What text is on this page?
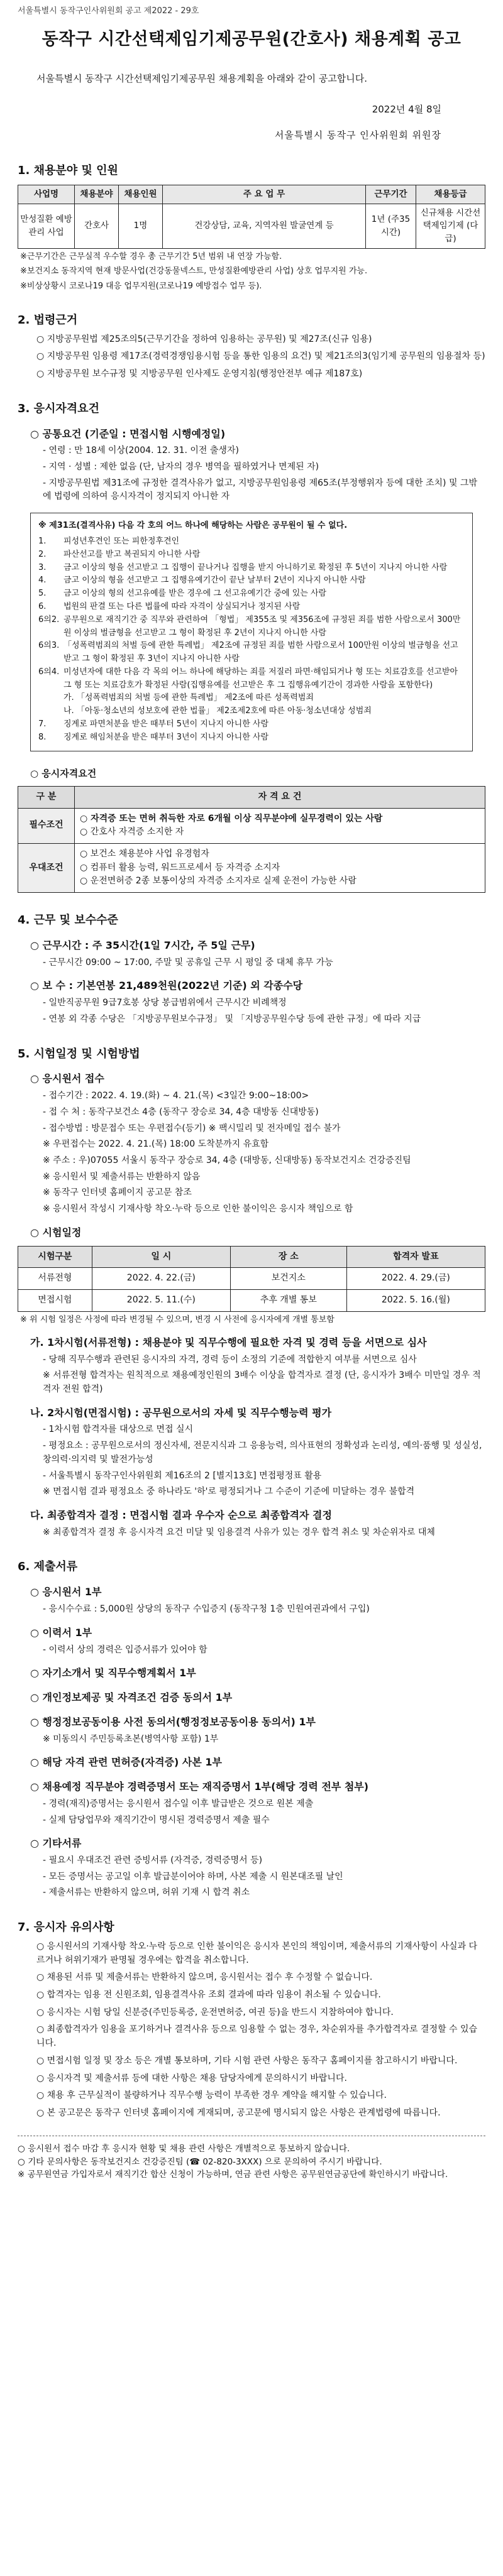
서울특별시 동작구인사위원회 공고 제2022 - 29호
동작구 시간선택제임기제공무원(간호사) 채용계획 공고
서울특별시 동작구 시간선택제임기제공무원 채용계획을 아래와 같이 공고합니다.
2022년 4월 8일
서울특별시 동작구 인사위원회 위원장
1. 채용분야 및 인원
사업명	채용분야	채용인원	주 요 업 무	근무기간	채용등급
만성질환 예방관리 사업	간호사	1명	건강상담, 교육, 지역자원 발굴연계 등	1년 (주35시간)	신규채용 시간선택제임기제 (다급)
※근무기간은 근무실적 우수할 경우 총 근무기간 5년 범위 내 연장 가능함.
※보건지소 동작지역 현재 방문사업(건강동물넥스트, 만성질환예방관리 사업) 상호 업무지원 가능.
※비상상황시 코로나19 대응 업무지원(코로나19 예방접수 업무 등).
2. 법령근거
○ 지방공무원법 제25조의5(근무기간을 정하여 임용하는 공무원) 및 제27조(신규 임용)
○ 지방공무원 임용령 제17조(경력경쟁임용시험 등을 통한 임용의 요건) 및 제21조의3(임기제 공무원의 임용절차 등)
○ 지방공무원 보수규정 및 지방공무원 인사제도 운영지침(행정안전부 예규 제187호)
3. 응시자격요건
○ 공통요건 (기준일 : 면접시험 시행예정일)
- 연령 : 만 18세 이상(2004. 12. 31. 이전 출생자)
- 지역 · 성별 : 제한 없음 (단, 남자의 경우 병역을 필하였거나 면제된 자)
- 지방공무원법 제31조에 규정한 결격사유가 없고, 지방공무원임용령 제65조(부정행위자 등에 대한 조치) 및 그밖에 법령에 의하여 응시자격이 정지되지 아니한 자
※ 제31조(결격사유) 다음 각 호의 어느 하나에 해당하는 사람은 공무원이 될 수 없다.
1.	피성년후견인 또는 피한정후견인
2.	파산선고를 받고 복권되지 아니한 사람
3.	금고 이상의 형을 선고받고 그 집행이 끝나거나 집행을 받지 아니하기로 확정된 후 5년이 지나지 아니한 사람
4.	금고 이상의 형을 선고받고 그 집행유예기간이 끝난 날부터 2년이 지나지 아니한 사람
5.	금고 이상의 형의 선고유예를 받은 경우에 그 선고유예기간 중에 있는 사람
6.	법원의 판결 또는 다른 법률에 따라 자격이 상실되거나 정지된 사람
6의2. 공무원으로 재직기간 중 직무와 관련하여 「형법」 제355조 및 제356조에 규정된 죄를 범한 사람으로서 300만원 이상의 벌금형을 선고받고 그 형이 확정된 후 2년이 지나지 아니한 사람
6의3. 「성폭력범죄의 처벌 등에 관한 특례법」 제2조에 규정된 죄를 범한 사람으로서 100만원 이상의 벌금형을 선고받고 그 형이 확정된 후 3년이 지나지 아니한 사람
6의4. 미성년자에 대한 다음 각 목의 어느 하나에 해당하는 죄를 저질러 파면·해임되거나 형 또는 치료감호를 선고받아 그 형 또는 치료감호가 확정된 사람(집행유예를 선고받은 후 그 집행유예기간이 경과한 사람을 포함한다)
가. 「성폭력범죄의 처벌 등에 관한 특례법」 제2조에 따른 성폭력범죄
나. 「아동·청소년의 성보호에 관한 법률」 제2조제2호에 따른 아동·청소년대상 성범죄
7.	징계로 파면처분을 받은 때부터 5년이 지나지 아니한 사람
8.	징계로 해임처분을 받은 때부터 3년이 지나지 아니한 사람
○ 응시자격요건
구 분	자 격 요 건
필수조건	○ 자격증 또는 면허 취득한 자로 6개월 이상 직무분야에 실무경력이 있는 사람
○ 간호사 자격증 소지한 자

우대조건	○ 보건소 채용분야 사업 유경험자
○ 컴퓨터 활용 능력, 워드프로세서 등 자격증 소지자
○ 운전면허증 2종 보통이상의 자격증 소지자로 실제 운전이 가능한 사람
4. 근무 및 보수수준
○ 근무시간 : 주 35시간(1일 7시간, 주 5일 근무)
- 근무시간 09:00 ~ 17:00, 주말 및 공휴일 근무 시 평일 중 대체 휴무 가능
○ 보 수 : 기본연봉 21,489천원(2022년 기준) 외 각종수당
- 일반직공무원 9급7호봉 상당 봉급범위에서 근무시간 비례책정
- 연봉 외 각종 수당은 「지방공무원보수규정」 및 「지방공무원수당 등에 관한 규정」에 따라 지급
5. 시험일정 및 시험방법
○ 응시원서 접수
- 접수기간 : 2022. 4. 19.(화) ~ 4. 21.(목) <3일간 9:00~18:00>
- 접 수 처 : 동작구보건소 4층 (동작구 장승로 34, 4층 대방동 신대방동)
- 접수방법 : 방문접수 또는 우편접수(등기) ※ 팩시밀리 및 전자메일 접수 불가
※ 우편접수는 2022. 4. 21.(목) 18:00 도착분까지 유효함
※ 주소 : 우)07055 서울시 동작구 장승로 34, 4층 (대방동, 신대방동) 동작보건지소 건강증진팀
※ 응시원서 및 제출서류는 반환하지 않음
※ 동작구 인터넷 홈페이지 공고문 참조
※ 응시원서 작성시 기재사항 착오·누락 등으로 인한 불이익은 응시자 책임으로 함
○ 시험일정
시험구분	일 시	장 소	합격자 발표
서류전형	2022. 4. 22.(금)	보건지소	2022. 4. 29.(금)
면접시험	2022. 5. 11.(수)	추후 개별 통보	2022. 5. 16.(월)
※ 위 시험 일정은 사정에 따라 변경될 수 있으며, 변경 시 사전에 응시자에게 개별 통보함
가. 1차시험(서류전형) : 채용분야 및 직무수행에 필요한 자격 및 경력 등을 서면으로 심사
- 당해 직무수행과 관련된 응시자의 자격, 경력 등이 소정의 기준에 적합한지 여부를 서면으로 심사
※ 서류전형 합격자는 원칙적으로 채용예정인원의 3배수 이상을 합격자로 결정 (단, 응시자가 3배수 미만일 경우 적격자 전원 합격)
나. 2차시험(면접시험) : 공무원으로서의 자세 및 직무수행능력 평가
- 1차시험 합격자를 대상으로 면접 실시
- 평정요소 : 공무원으로서의 정신자세, 전문지식과 그 응용능력, 의사표현의 정확성과 논리성, 예의·품행 및 성실성, 창의력·의지력 및 발전가능성
- 서울특별시 동작구인사위원회 제16조의 2 [별지13호] 면접평정표 활용
※ 면접시험 결과 평정요소 중 하나라도 '하'로 평정되거나 그 수준이 기준에 미달하는 경우 불합격
다. 최종합격자 결정 : 면접시험 결과 우수자 순으로 최종합격자 결정
※ 최종합격자 결정 후 응시자격 요건 미달 및 임용결격 사유가 있는 경우 합격 취소 및 차순위자로 대체
6. 제출서류
○ 응시원서 1부
- 응시수수료 : 5,000원 상당의 동작구 수입증지 (동작구청 1층 민원여권과에서 구입)
○ 이력서 1부
- 이력서 상의 경력은 입증서류가 있어야 함
○ 자기소개서 및 직무수행계획서 1부
○ 개인정보제공 및 자격조건 검증 동의서 1부
○ 행정정보공동이용 사전 동의서(행정정보공동이용 동의서) 1부
※ 미동의시 주민등록초본(병역사항 포함) 1부
○ 해당 자격 관련 면허증(자격증) 사본 1부
○ 채용예정 직무분야 경력증명서 또는 재직증명서 1부(해당 경력 전부 첨부)
- 경력(재직)증명서는 응시원서 접수일 이후 발급받은 것으로 원본 제출
- 실제 담당업무와 재직기간이 명시된 경력증명서 제출 필수
○ 기타서류
- 필요시 우대조건 관련 증빙서류 (자격증, 경력증명서 등)
- 모든 증명서는 공고일 이후 발급분이어야 하며, 사본 제출 시 원본대조필 날인
- 제출서류는 반환하지 않으며, 허위 기재 시 합격 취소
7. 응시자 유의사항
○ 응시원서의 기재사항 착오·누락 등으로 인한 불이익은 응시자 본인의 책임이며, 제출서류의 기재사항이 사실과 다르거나 허위기재가 판명될 경우에는 합격을 취소합니다.
○ 채용된 서류 및 제출서류는 반환하지 않으며, 응시원서는 접수 후 수정할 수 없습니다.
○ 합격자는 임용 전 신원조회, 임용결격사유 조회 결과에 따라 임용이 취소될 수 있습니다.
○ 응시자는 시험 당일 신분증(주민등록증, 운전면허증, 여권 등)을 반드시 지참하여야 합니다.
○ 최종합격자가 임용을 포기하거나 결격사유 등으로 임용할 수 없는 경우, 차순위자를 추가합격자로 결정할 수 있습니다.
○ 면접시험 일정 및 장소 등은 개별 통보하며, 기타 시험 관련 사항은 동작구 홈페이지를 참고하시기 바랍니다.
○ 응시자격 및 제출서류 등에 대한 사항은 채용 담당자에게 문의하시기 바랍니다.
○ 채용 후 근무실적이 불량하거나 직무수행 능력이 부족한 경우 계약을 해지할 수 있습니다.
○ 본 공고문은 동작구 인터넷 홈페이지에 게재되며, 공고문에 명시되지 않은 사항은 관계법령에 따릅니다.
○ 응시원서 접수 마감 후 응시자 현황 및 채용 관련 사항은 개별적으로 통보하지 않습니다.
○ 기타 문의사항은 동작보건지소 건강증진팀 (☎ 02-820-3XXX) 으로 문의하여 주시기 바랍니다.
※ 공무원연금 가입자로서 재직기간 합산 신청이 가능하며, 연금 관련 사항은 공무원연금공단에 확인하시기 바랍니다.
